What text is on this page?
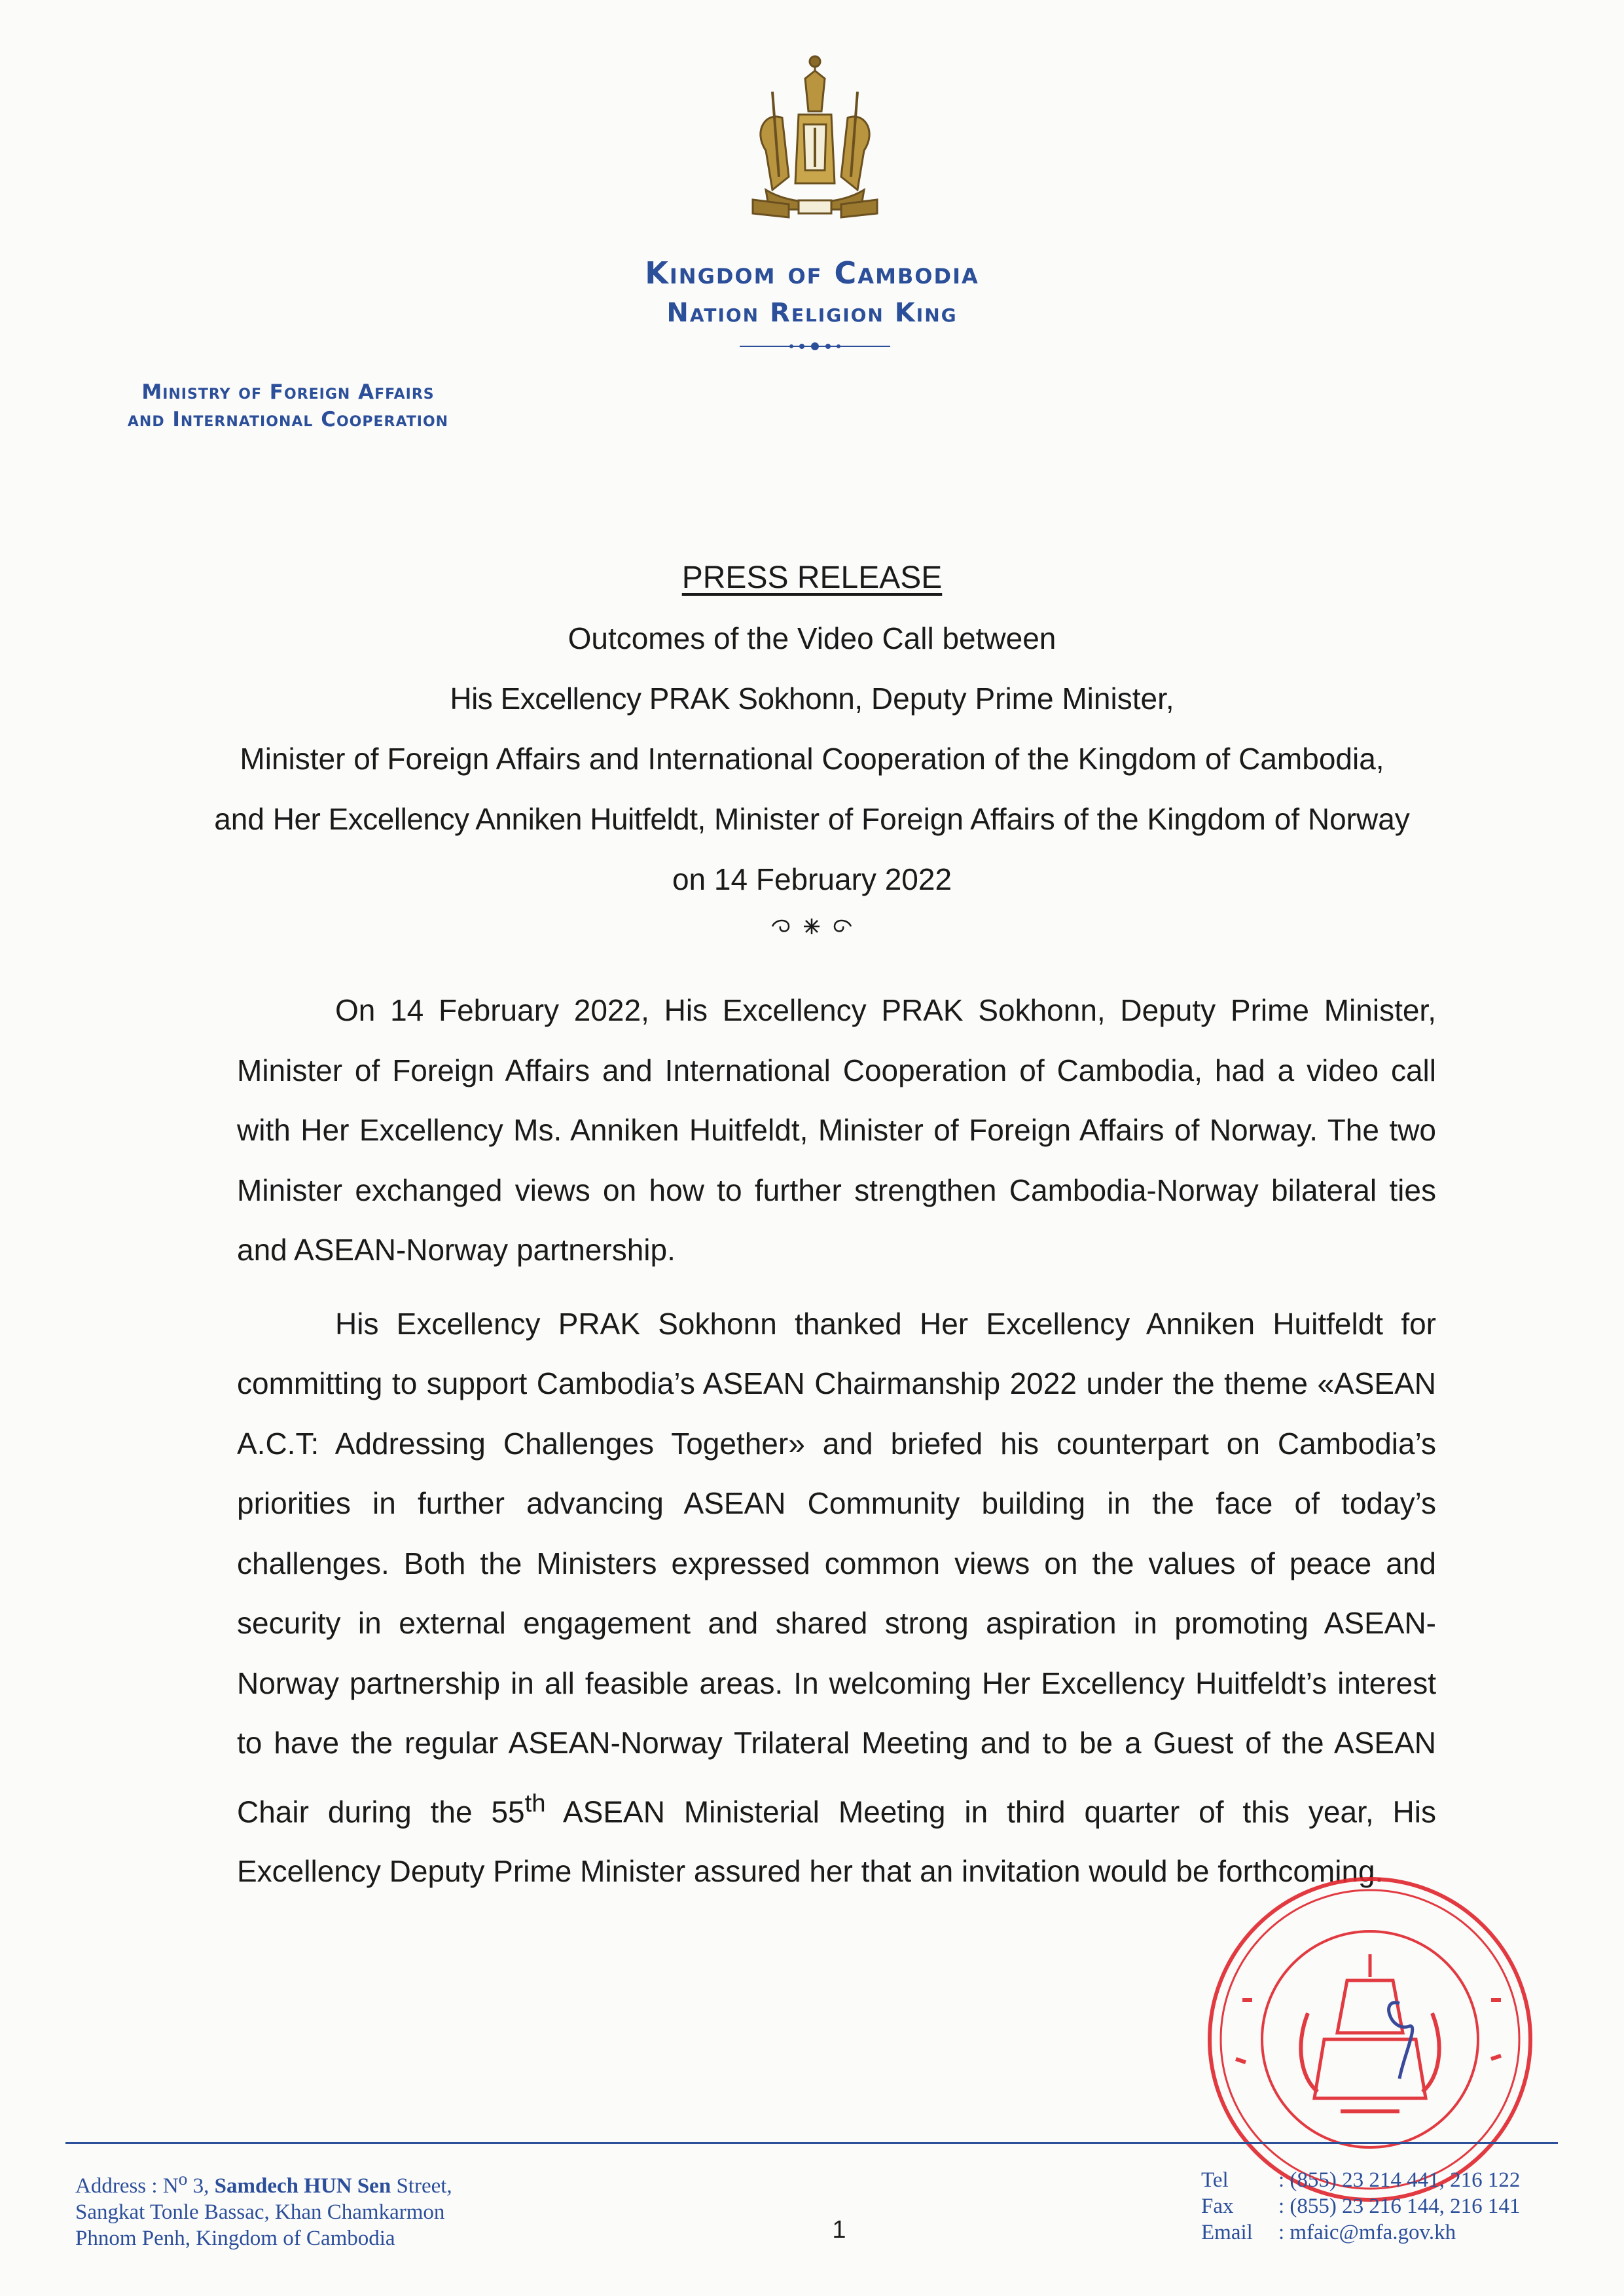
Kingdom of Cambodia
Nation Religion King
Ministry of Foreign Affairs
and International Cooperation
PRESS RELEASE
Outcomes of the Video Call between
His Excellency PRAK Sokhonn, Deputy Prime Minister,
Minister of Foreign Affairs and International Cooperation of the Kingdom of Cambodia,
and Her Excellency Anniken Huitfeldt, Minister of Foreign Affairs of the Kingdom of Norway
on 14 February 2022

On 14 February 2022, His Excellency PRAK Sokhonn, Deputy Prime Minister, Minister of Foreign Affairs and International Cooperation of Cambodia, had a video call with Her Excellency Ms. Anniken Huitfeldt, Minister of Foreign Affairs of Norway. The two Minister exchanged views on how to further strengthen Cambodia-Norway bilateral ties and ASEAN-Norway partnership.

His Excellency PRAK Sokhonn thanked Her Excellency Anniken Huitfeldt for committing to support Cambodia’s ASEAN Chairmanship 2022 under the theme «ASEAN A.C.T: Addressing Challenges Together» and briefed his counterpart on Cambodia’s priorities in further advancing ASEAN Community building in the face of today’s challenges. Both the Ministers expressed common views on the values of peace and security in external engagement and shared strong aspiration in promoting ASEAN-Norway partnership in all feasible areas. In welcoming Her Excellency Huitfeldt’s interest to have the regular ASEAN-Norway Trilateral Meeting and to be a Guest of the ASEAN Chair during the 55th ASEAN Ministerial Meeting in third quarter of this year, His Excellency Deputy Prime Minister assured her that an invitation would be forthcoming.

Address : $N^o$ 3, Samdech HUN Sen Street,
Sangkat Tonle Bassac, Khan Chamkarmon
Phnom Penh, Kingdom of Cambodia
Tel : (855) 23 214 441, 216 122
Fax : (855) 23 216 144, 216 141
Email : mfaic@mfa.gov.kh
1
